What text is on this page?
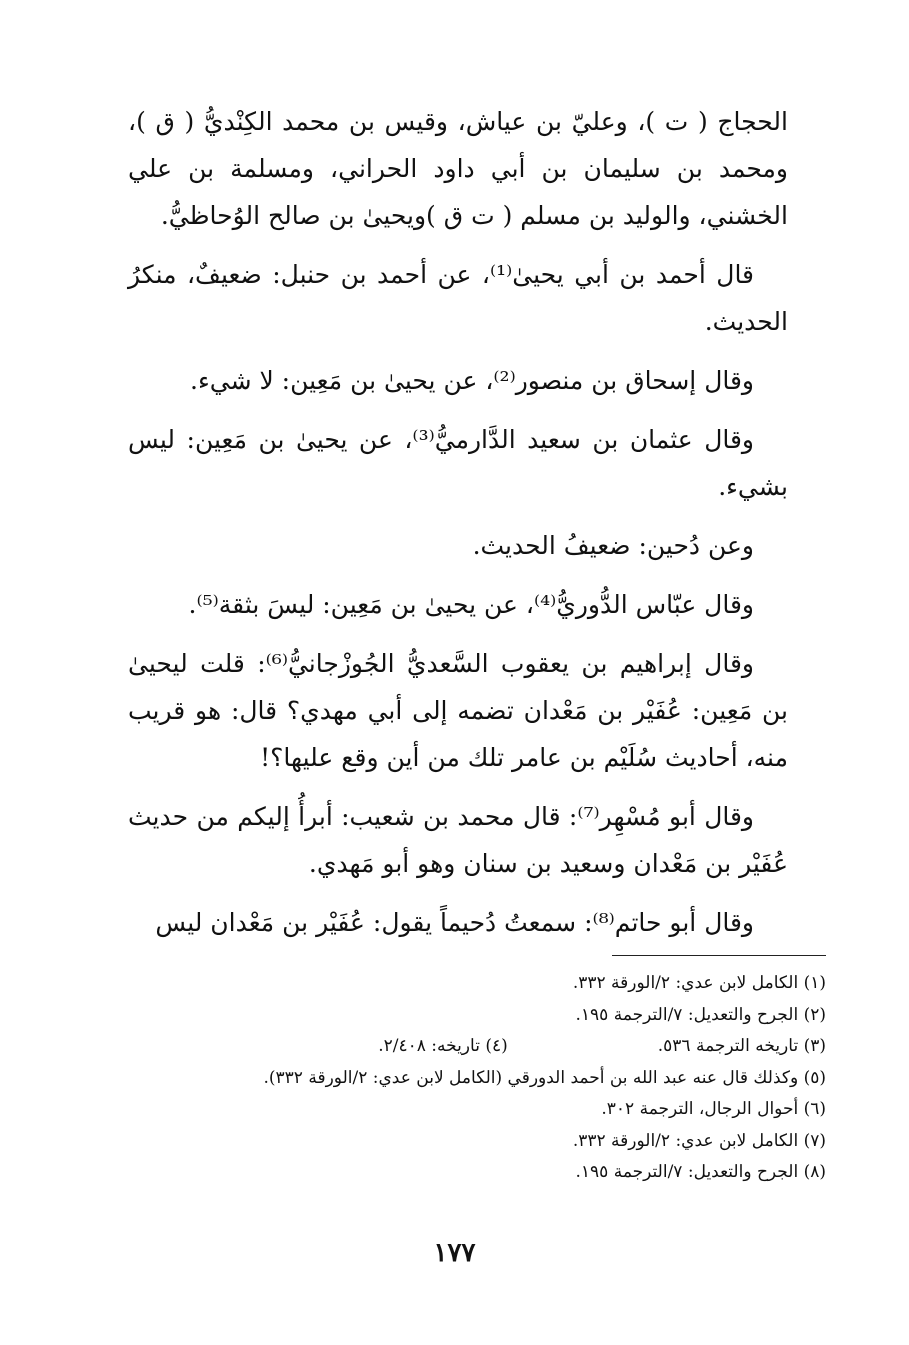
الحجاج ( ت )، وعليّ بن عياش، وقيس بن محمد الكِنْديُّ ( ق )، ومحمد بن سليمان بن أبي داود الحراني، ومسلمة بن علي الخشني، والوليد بن مسلم ( ت ق )ويحيىٰ بن صالح الوُحاظيُّ.

قال أحمد بن أبي يحيىٰ⁽¹⁾، عن أحمد بن حنبل: ضعيفٌ، منكرُ الحديث.

وقال إسحاق بن منصور⁽²⁾، عن يحيىٰ بن مَعِين: لا شيء.

وقال عثمان بن سعيد الدَّارميُّ⁽³⁾، عن يحيىٰ بن مَعِين: ليس بشيء.

وعن دُحين: ضعيفُ الحديث.

وقال عبّاس الدُّوريُّ⁽⁴⁾، عن يحيىٰ بن مَعِين: ليسَ بثقة⁽⁵⁾.

وقال إبراهيم بن يعقوب السَّعديُّ الجُوزْجانيُّ⁽⁶⁾: قلت ليحيىٰ بن مَعِين: عُفَيْر بن مَعْدان تضمه إلى أبي مهدي؟ قال: هو قريب منه، أحاديث سُلَيْم بن عامر تلك من أين وقع عليها؟!

وقال أبو مُسْهِر⁽⁷⁾: قال محمد بن شعيب: أبرأُ إليكم من حديث عُفَيْر بن مَعْدان وسعيد بن سنان وهو أبو مَهدي.

وقال أبو حاتم⁽⁸⁾: سمعتُ دُحيماً يقول: عُفَيْر بن مَعْدان ليس

(١) الكامل لابن عدي: ٢/الورقة ٣٣٢.
(٢) الجرح والتعديل: ٧/الترجمة ١٩٥.
(٣) تاريخه الترجمة ٥٣٦.(٤) تاريخه: ٢/٤٠٨.
(٥) وكذلك قال عنه عبد الله بن أحمد الدورقي (الكامل لابن عدي: ٢/الورقة ٣٣٢).
(٦) أحوال الرجال، الترجمة ٣٠٢.
(٧) الكامل لابن عدي: ٢/الورقة ٣٣٢.
(٨) الجرح والتعديل: ٧/الترجمة ١٩٥.
١٧٧
